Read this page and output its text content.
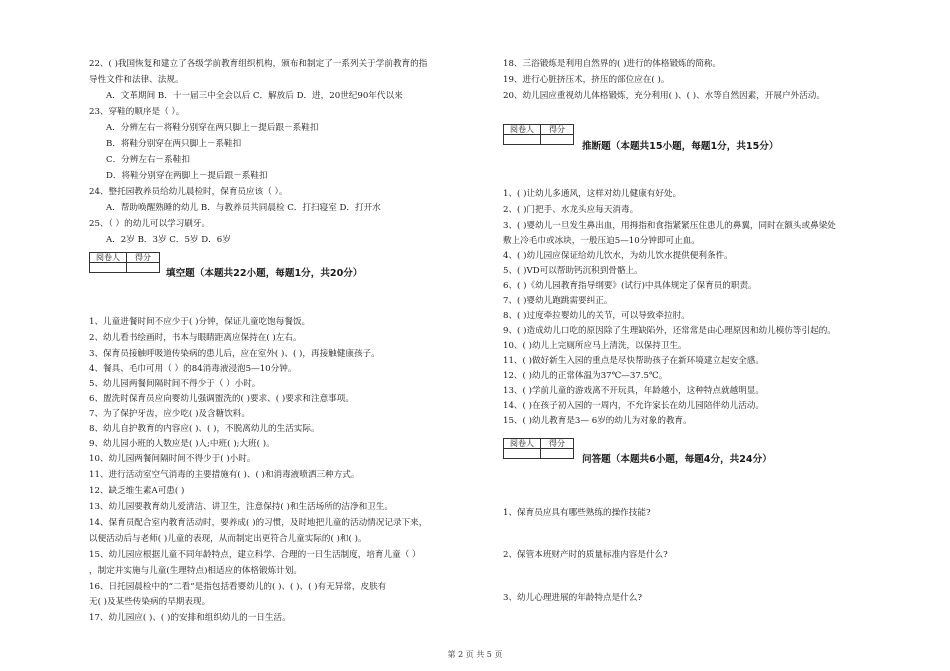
22、( )我国恢复和建立了各级学前教育组织机构，颁布和制定了一系列关于学前教育的指
导性文件和法律、法规。
A．文革期间 B．十一届三中全会以后 C．解放后 D．进，20世纪90年代以来
23、穿鞋的顺序是（ ）。
A．分辨左右－将鞋分别穿在两只脚上－提后跟－系鞋扣
B．将鞋分别穿在两只脚上－系鞋扣
C．分辨左右－系鞋扣
D．将鞋分别穿在两脚上－提后跟－系鞋扣
24、整托园教养员给幼儿晨检时，保育员应该（ ）。
A．帮助唤醒熟睡的幼儿 B．与教养员共同晨检 C．打扫寝室 D．打开水
25、（ ）的幼儿可以学习刷牙。
A．2岁 B．3岁 C．5岁 D．6岁
阅卷人	得分

填空题（本题共22小题，每题1分，共20分）
1、儿童进餐时间不应少于( )分钟，保证儿童吃饱每餐饭。
2、幼儿看书绘画时，书本与眼睛距离应保持在( )左右。
3、保育员接触呼吸道传染病的患儿后，应在室外( )、( )，再接触健康孩子。
4、餐具、毛巾可用（ ）的84消毒液浸泡5—10分钟。
5、幼儿园两餐间隔时间不得少于（ ）小时。
6、盥洗时保育员应向婴幼儿强调盥洗的( )要求、( )要求和注意事项。
7、为了保护牙齿，应少吃( )及含糖饮料。
8、幼儿自护教育的内容应( )、( )，不脱离幼儿的生活实际。
9、幼儿园小班的人数应是( )人;中班( );大班( )。
10、幼儿园两餐间隔时间不得少于( )小时。
11、进行活动室空气消毒的主要措施有( )、( )和消毒液喷洒三种方式。
12、缺乏维生素A可患( )
13、幼儿园要教育幼儿爱清洁、讲卫生，注意保持( )和生活场所的洁净和卫生。
14、保育员配合室内教育活动时，要养成( )的习惯，及时地把儿童的活动情况记录下来，
以便活动后与老师( )儿童的表现，从而制定出更符合儿童实际的( )和( )。
15、幼儿园应根据儿童不同年龄特点，建立科学、合理的一日生活制度，培育儿童（ ）
，制定并实施与儿童(生理特点)相适应的体格锻炼计划。
16、日托园晨检中的“二看”是指包括看婴幼儿的( )、( )、( )有无异常，皮肤有
无( )及某些传染病的早期表现。
17、幼儿园应( )、( )的安排和组织幼儿的一日生活。
18、三浴锻炼是利用自然界的( )进行的体格锻炼的简称。
19、进行心脏挤压术，挤压的部位应在( )。
20、幼儿园应重视幼儿体格锻炼，充分利用( )、( )、水等自然因素，开展户外活动。
阅卷人	得分

推断题（本题共15小题，每题1分，共15分）
1、( )让幼儿多通风，这样对幼儿健康有好处。
2、( )门把手、水龙头应每天消毒。
3、( )婴幼儿一旦发生鼻出血，用拇指和食指紧紧压住患儿的鼻翼，同时在额头或鼻梁处
敷上冷毛巾或冰块，一般压迫5—10分钟即可止血。
4、( )幼儿园应保证给幼儿饮水，为幼儿饮水提供便利条件。
5、( )VD可以帮助钙沉积到骨骼上。
6、( )《幼儿园教育指导纲要》(试行)中具体规定了保育员的职责。
7、( )婴幼儿跑跳需要纠正。
8、( )过度牵拉婴幼儿的关节，可以导致牵拉肘。
9、( )造成幼儿口吃的原因除了生理缺陷外，还常常是由心理原因和幼儿模仿等引起的。
10、( )幼儿上完厕所应马上清洗，以保持卫生。
11、( )做好新生入园的重点是尽快帮助孩子在新环境建立起安全感。
12、( )幼儿的正常体温为37℃—37.5℃。
13、( )学前儿童的游戏离不开玩具，年龄越小，这种特点就越明显。
14、( )在孩子初入园的一周内，不允许家长在幼儿园陪伴幼儿活动。
15、( )幼儿教育是3— 6岁的幼儿为对象的教育。
阅卷人	得分

问答题（本题共6小题，每题4分，共24分）
1、保育员应具有哪些熟练的操作技能?
2、保管本班财产时的质量标准内容是什么?
3、幼儿心理进展的年龄特点是什么?
第 2 页 共 5 页
